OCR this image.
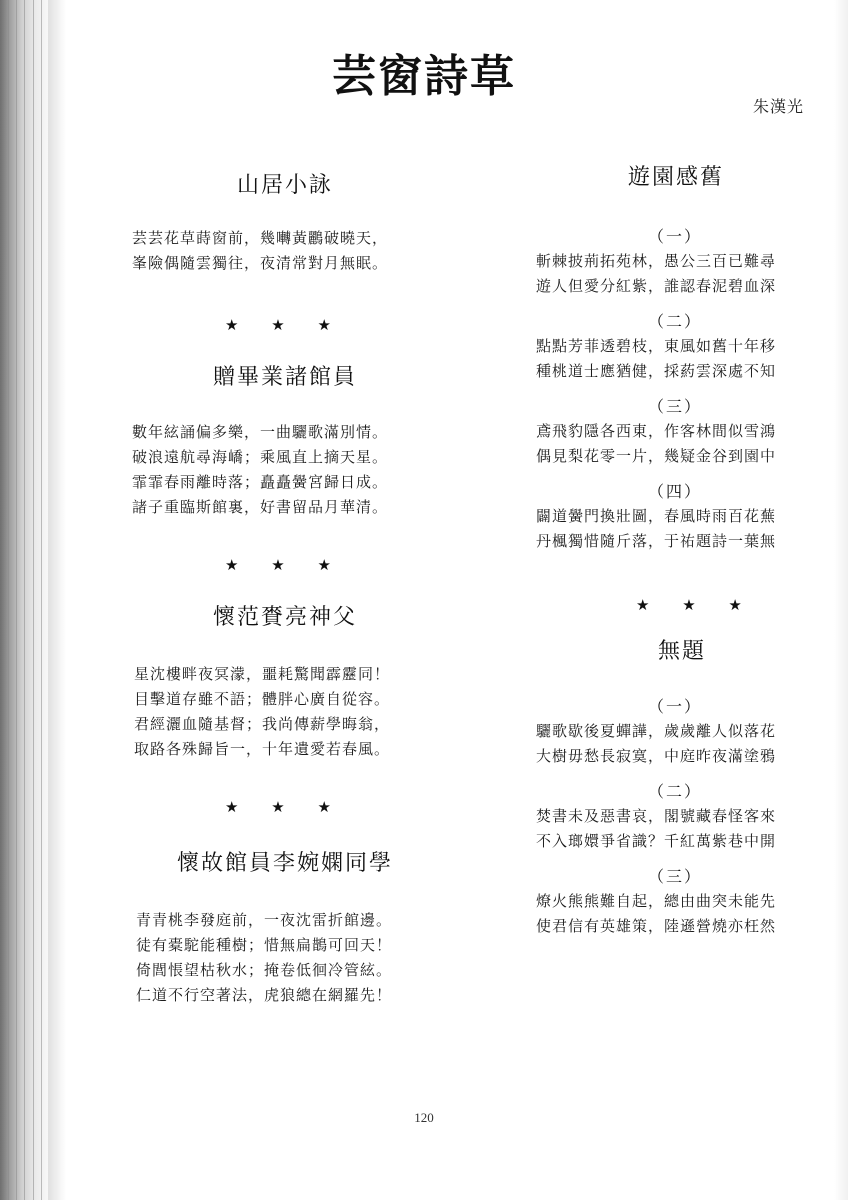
芸窗詩草
朱漢光
山居小詠
芸芸花草蒔窗前，幾囀黃鸝破曉天，
峯險偶隨雲獨往，夜清常對月無眠。
★ ★ ★
贈畢業諸館員
數年絃誦偏多樂，一曲驪歌滿別情。
破浪遠航尋海嶠；乘風直上摘天星。
霏霏春雨離時落；矗矗黌宮歸日成。
諸子重臨斯館裏，好書留品月華清。
★ ★ ★
懷范賚亮神父
星沈樓畔夜冥濛，噩耗驚聞霹靂同！
目擊道存雖不語；體胖心廣自從容。
君經灑血隨基督；我尚傳薪學晦翁，
取路各殊歸旨一，十年遺愛若春風。
★ ★ ★
懷故館員李婉嫻同學
青青桃李發庭前，一夜沈雷折館邊。
徒有橐駝能種樹；惜無扁鵲可回天！
倚閭悵望枯秋水；掩卷低徊冷管絃。
仁道不行空著法，虎狼總在網羅先！
遊園感舊
（一）
斬棘披荊拓苑林，愚公三百已難尋
遊人但愛分紅紫，誰認春泥碧血深
（二）
點點芳菲透碧枝，東風如舊十年移
種桃道士應猶健，採葯雲深處不知
（三）
鳶飛豹隱各西東，作客林間似雪鴻
偶見梨花零一片，幾疑金谷到園中
（四）
闢道黌門換壯圖，春風時雨百花蕪
丹楓獨惜隨斤落，于祐題詩一葉無
★ ★ ★
無題
（一）
驪歌歇後夏蟬譁，歲歲離人似落花
大樹毋愁長寂寞，中庭昨夜滿塗鴉
（二）
焚書未及惡書哀，閣號藏春怪客來
不入瑯嬛爭省識？千紅萬紫巷中開
（三）
燎火熊熊難自起，總由曲突未能先
使君信有英雄策，陸遜營燒亦枉然
120
